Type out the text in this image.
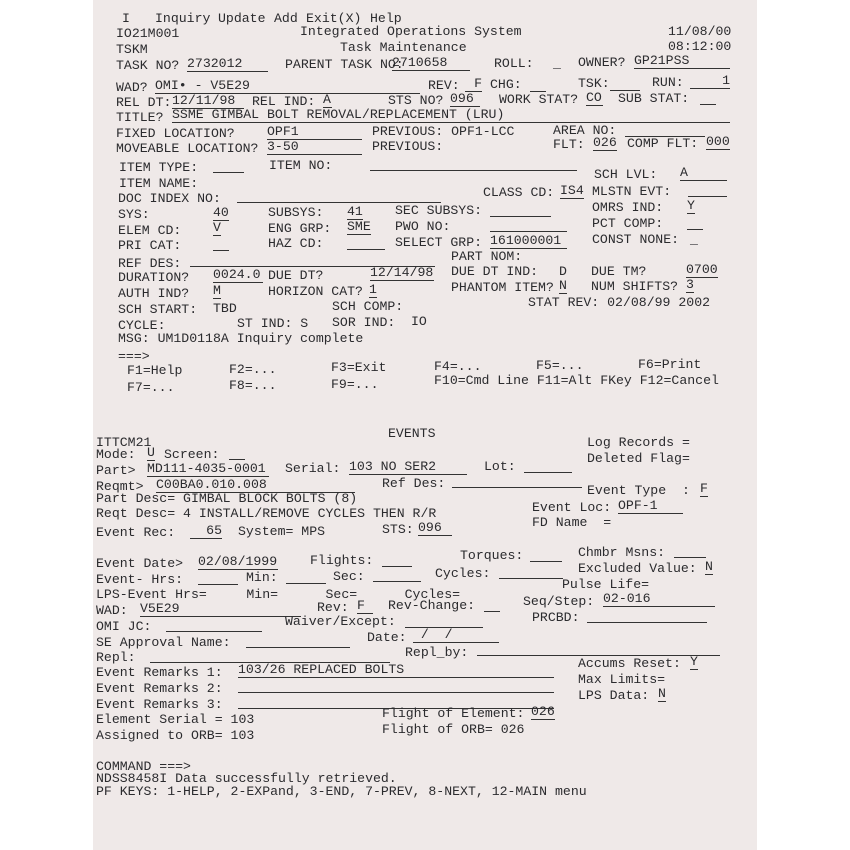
I Inquiry Update Add Exit(X) Help
IO21M001	Integrated Operations System	11/08/00
TSKM	Task Maintenance	08:12:00
TASK NO? 2732012	PARENT TASK NO:
2710658	ROLL: _ OWNER? GP21PSS
WAD? OMI• - V5E29	REV:	F CHG:	TSK:	RUN:	1
REL DT: 12/11/98	REL IND: A	STS NO? 096	WORK STAT? CO SUB STAT:
TITLE? SSME GIMBAL BOLT REMOVAL/REPLACEMENT (LRU)
FIXED LOCATION? OPF1	PREVIOUS: OPF1-LCC	AREA NO:
MOVEABLE LOCATION? 3-50	PREVIOUS:	FLT: 026 COMP FLT: 000
ITEM TYPE:	ITEM NO:
SCH LVL: A
ITEM NAME:
CLASS CD: IS4 MLSTN EVT:
DOC INDEX NO:
SYS:	40	SUBSYS: 41 SEC SUBSYS:	OMRS IND: Y
ELEM CD: V	ENG GRP: SME PWO NO:	PCT COMP:
PRI CAT:	HAZ CD:	SELECT GRP: 161000001	CONST NONE: _
REF DES:	PART NOM:
DURATION? 0024.0 DUE DT?	12/14/98 DUE DT IND: D DUE TM?	0700
AUTH IND? M	HORIZON CAT? 1	PHANTOM ITEM? N NUM SHIFTS? 3
SCH START: TBD	SCH COMP:	STAT REV: 02/08/99 2002
CYCLE:	ST IND: S SOR IND: IO
MSG: UM1D0118A Inquiry complete
===>
F1=Help	F2=...	F3=Exit	F4=...	F5=...	F6=Print
F7=...	F8=...	F9=...	F10=Cmd Line F11=Alt FKey F12=Cancel
EVENTS
ITTCM21	Log Records =
Mode: U Screen:	Deleted Flag=
Part> MD111-4035-0001 Serial: 103 NO SER2	Lot:
Reqmt> C00BA0.010.008	Ref Des:	Event Type  : F
Part Desc= GIMBAL BLOCK BOLTS (8)
Reqt Desc= 4 INSTALL/REMOVE CYCLES THEN R/R	Event Loc: OPF-1
Event Rec:	65 System= MPS	STS: 096	FD Name  =
Event Date> 02/08/1999 Flights:	Torques:	Chmbr Msns:
Event- Hrs:	Min:	Sec:	Cycles:	Excluded Value: N
LPS-Event Hrs=     Min=      Sec=      Cycles=
Pulse Life=
WAD: V5E29	Rev: F	Rev-Change:	Seq/Step: 02-016
OMI JC:	Waiver/Except:	PRCBD:
SE Approval Name:	Date: /  /
Repl:	Repl_by:
Event Remarks 1: 103/26 REPLACED BOLTS	Accums Reset: Y
Event Remarks 2:
Max Limits=
Event Remarks 3:
LPS Data: N
Element Serial = 103	Flight of Element: 026
Assigned to ORB= 103	Flight of ORB= 026
COMMAND ===>
NDSS8458I Data successfully retrieved.
PF KEYS: 1-HELP, 2-EXPand, 3-END, 7-PREV, 8-NEXT, 12-MAIN menu
